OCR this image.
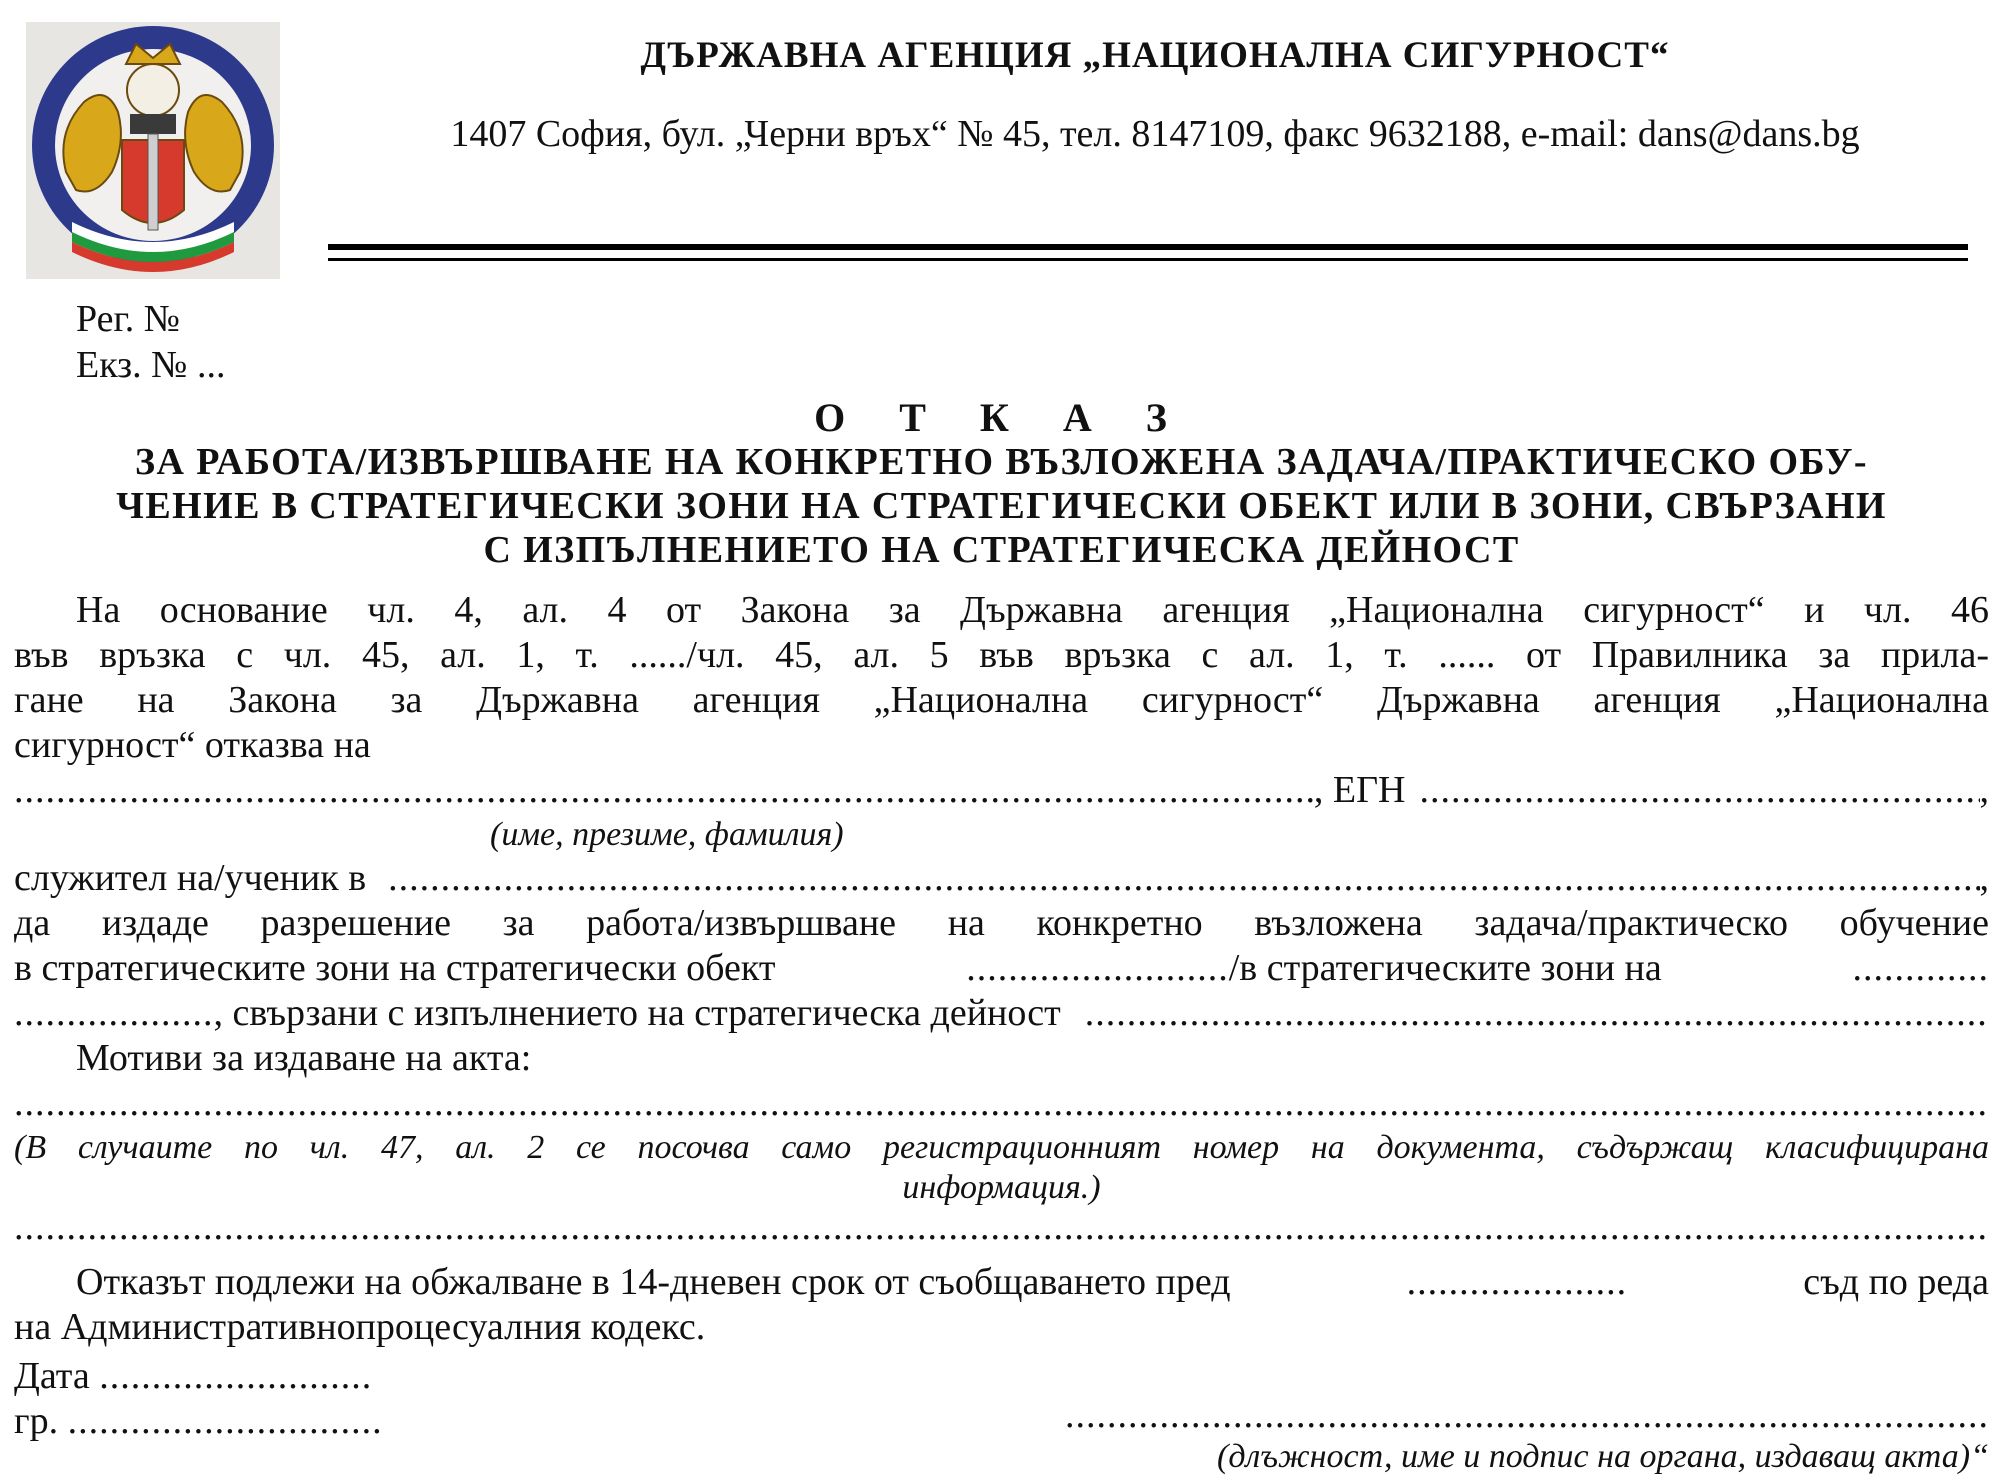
ДЪРЖАВНА АГЕНЦИЯ „НАЦИОНАЛНА СИГУРНОСТ“
1407 София, бул. „Черни връх“ № 45, тел. 8147109, факс 9632188, e-mail: dans@dans.bg
Рег. №
Екз. № ...
О Т К А З
ЗА РАБОТА/ИЗВЪРШВАНЕ НА КОНКРЕТНО ВЪЗЛОЖЕНА ЗАДАЧА/ПРАКТИЧЕСКО ОБУ-
ЧЕНИЕ В СТРАТЕГИЧЕСКИ ЗОНИ НА СТРАТЕГИЧЕСКИ ОБЕКТ ИЛИ В ЗОНИ, СВЪРЗАНИ
С ИЗПЪЛНЕНИЕТО НА СТРАТЕГИЧЕСКА ДЕЙНОСТ
На основание чл. 4, ал. 4 от Закона за Държавна агенция „Национална сигурност“ и чл. 46
във връзка с чл. 45, ал. 1, т. ....../чл. 45, ал. 5 във връзка с ал. 1, т. ...... от Правилника за прила-
гане на Закона за Държавна агенция „Национална сигурност“ Държавна агенция „Национална
сигурност“ отказва на
.....
, ЕГН .....	,
(име, презиме, фамилия)
служител на/ученик в .....	,
да издаде разрешение за работа/извършване на конкретно възложена задача/практическо обучение
в стратегическите зони на стратегически обект	........................./в стратегическите зони на	.............
................... , свързани с изпълнението на стратегическа дейност
.....
Мотиви за издаване на акта:
.....
(В случаите по чл. 47, ал. 2 се посочва само регистрационният номер на документа, съдържащ класифицирана
информация.)
.....
Отказът подлежи на обжалване в 14-дневен срок от съобщаването пред	.....................	съд по реда
на Административнопроцесуалния кодекс.
Дата ..........................
гр. ..............................	........................................................................................
(длъжност, име и подпис на органа, издаващ акта)“
